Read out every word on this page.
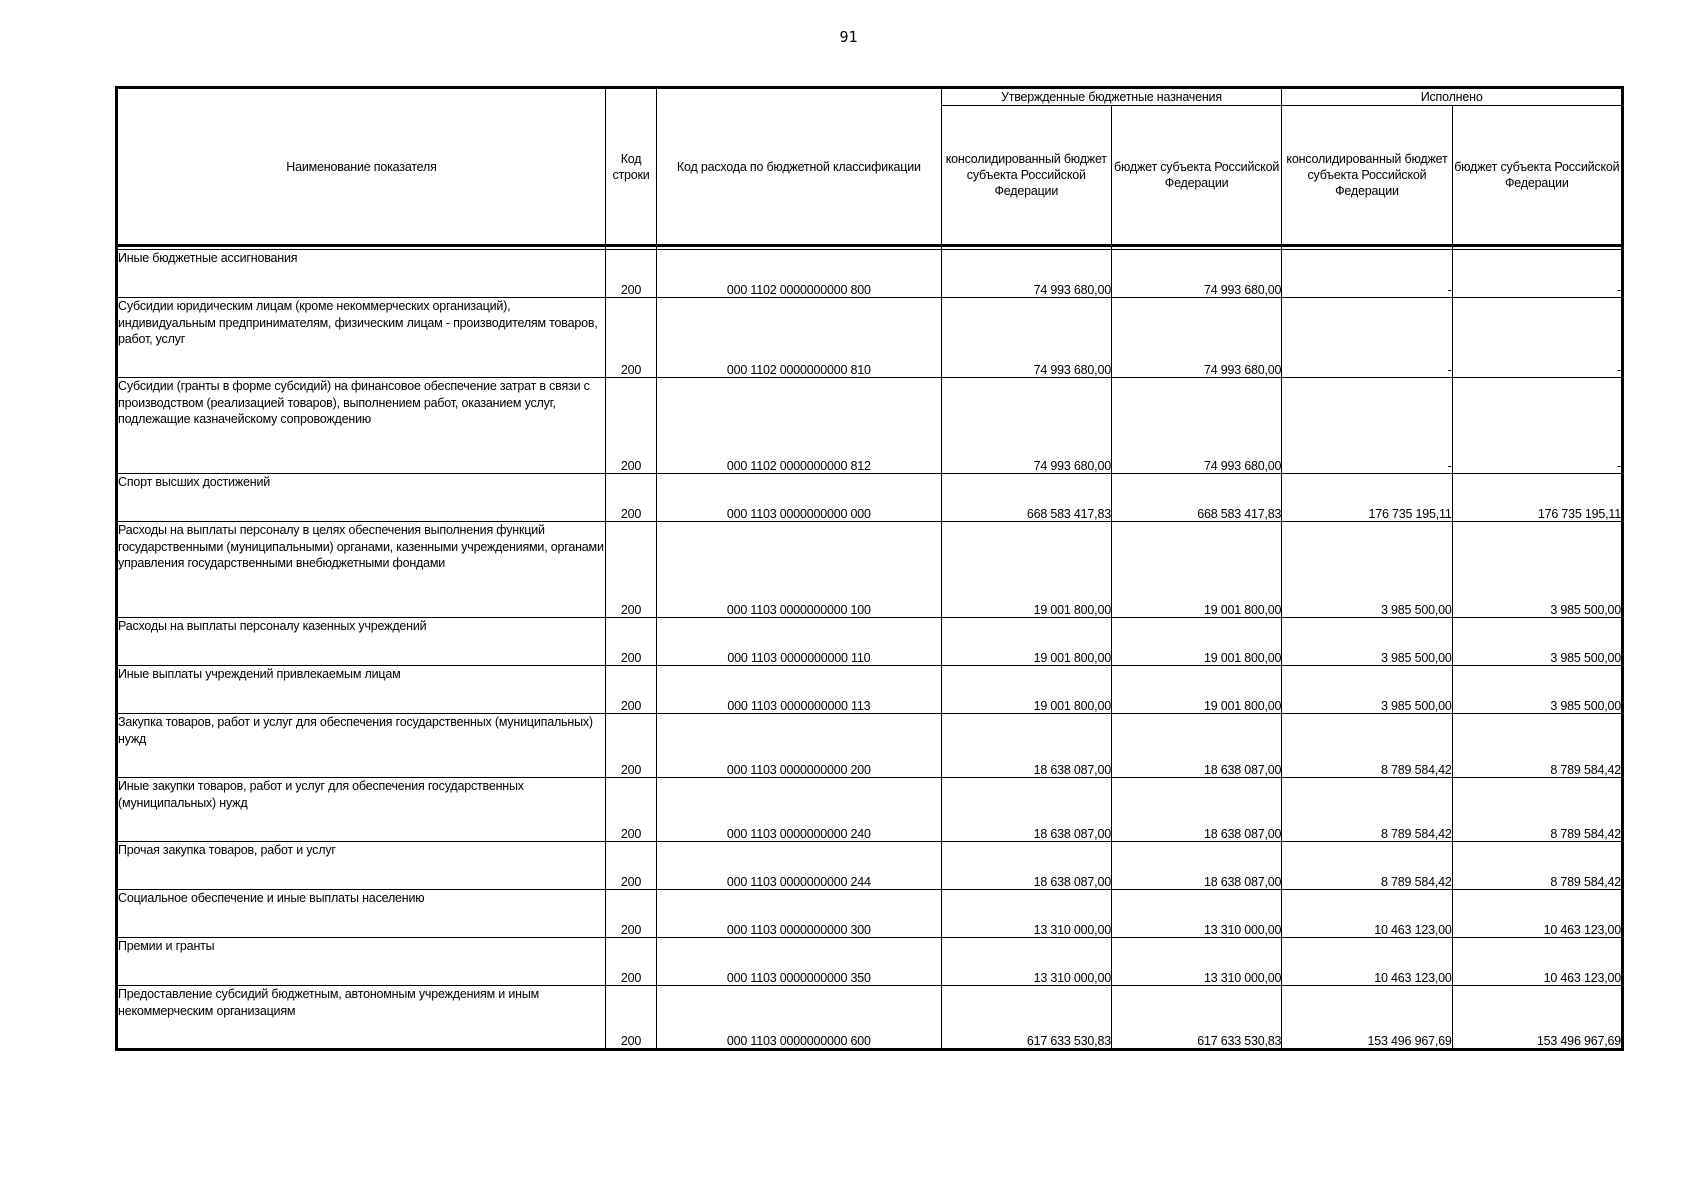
91
Наименование показателя	Код строки	Код расхода по бюджетной классификации	Утвержденные бюджетные назначения		Исполнено	
			консолидированный бюджет субъекта Российской Федерации	бюджет субъекта Российской Федерации	консолидированный бюджет субъекта Российской Федерации	бюджет субъекта Российской Федерации

Иные бюджетные ассигнования	200	000 1102 0000000000 800	74 993 680,00	74 993 680,00	-	-
Субсидии юридическим лицам (кроме некоммерческих организаций), индивидуальным предпринимателям, физическим лицам - производителям товаров, работ, услуг	200	000 1102 0000000000 810	74 993 680,00	74 993 680,00	-	-
Субсидии (гранты в форме субсидий) на финансовое обеспечение затрат в связи с производством (реализацией товаров), выполнением работ, оказанием услуг, подлежащие казначейскому сопровождению	200	000 1102 0000000000 812	74 993 680,00	74 993 680,00	-	-
Спорт высших достижений	200	000 1103 0000000000 000	668 583 417,83	668 583 417,83	176 735 195,11	176 735 195,11
Расходы на выплаты персоналу в целях обеспечения выполнения функций государственными (муниципальными) органами, казенными учреждениями, органами управления государственными внебюджетными фондами	200	000 1103 0000000000 100	19 001 800,00	19 001 800,00	3 985 500,00	3 985 500,00
Расходы на выплаты персоналу казенных учреждений	200	000 1103 0000000000 110	19 001 800,00	19 001 800,00	3 985 500,00	3 985 500,00
Иные выплаты учреждений привлекаемым лицам	200	000 1103 0000000000 113	19 001 800,00	19 001 800,00	3 985 500,00	3 985 500,00
Закупка товаров, работ и услуг для обеспечения государственных (муниципальных) нужд	200	000 1103 0000000000 200	18 638 087,00	18 638 087,00	8 789 584,42	8 789 584,42
Иные закупки товаров, работ и услуг для обеспечения государственных (муниципальных) нужд	200	000 1103 0000000000 240	18 638 087,00	18 638 087,00	8 789 584,42	8 789 584,42
Прочая закупка товаров, работ и услуг	200	000 1103 0000000000 244	18 638 087,00	18 638 087,00	8 789 584,42	8 789 584,42
Социальное обеспечение и иные выплаты населению	200	000 1103 0000000000 300	13 310 000,00	13 310 000,00	10 463 123,00	10 463 123,00
Премии и гранты	200	000 1103 0000000000 350	13 310 000,00	13 310 000,00	10 463 123,00	10 463 123,00
Предоставление субсидий бюджетным, автономным учреждениям и иным некоммерческим организациям	200	000 1103 0000000000 600	617 633 530,83	617 633 530,83	153 496 967,69	153 496 967,69
